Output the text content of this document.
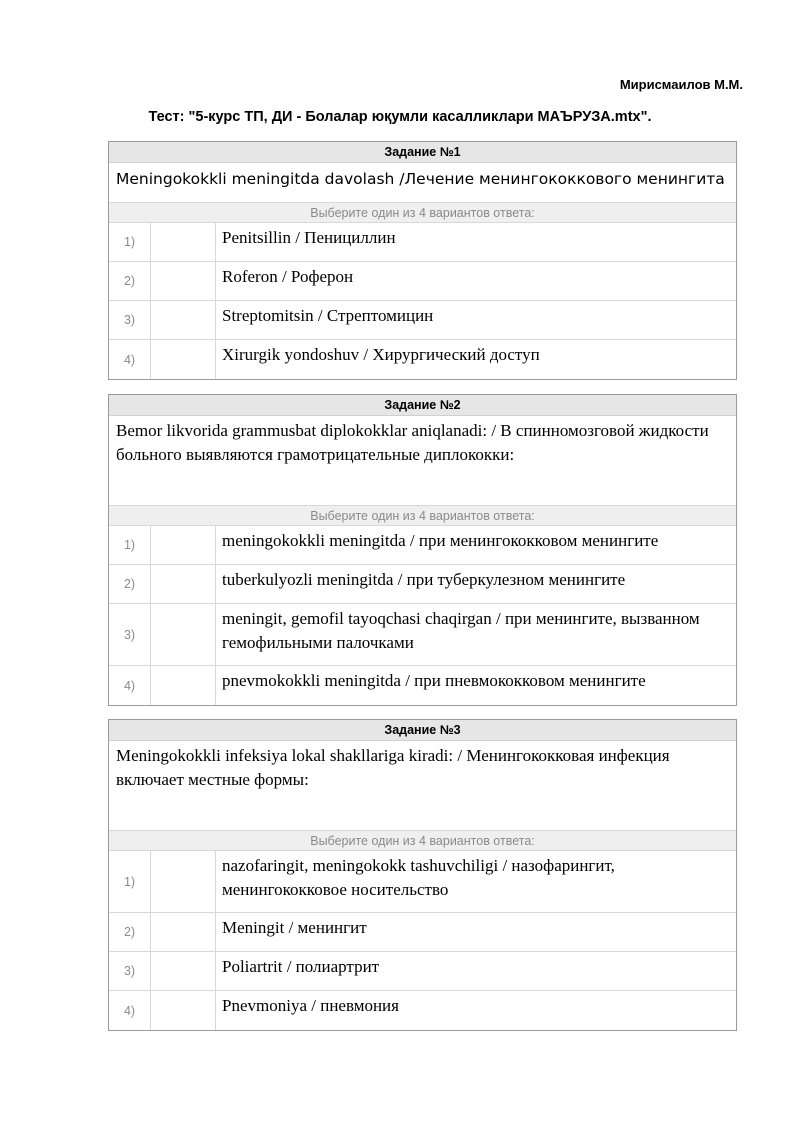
Мирисмаилов М.М.
Тест: "5-курс ТП, ДИ - Болалар юқумли касалликлари МАЪРУЗА.mtx".
Задание №1
Meningokokkli meningitda davolash /Лечение менингококкового менингита
Выберите один из 4 вариантов ответа:
1)	Penitsillin / Пенициллин
2)	Roferon / Роферон
3)	Streptomitsin / Стрептомицин
4)	Xirurgik yondoshuv / Хирургический доступ
Задание №2
Bemor likvorida grammusbat diplokokklar aniqlanadi: / В спинномозговой жидкости больного выявляются грамотрицательные диплококки:
Выберите один из 4 вариантов ответа:
1)	meningokokkli meningitda / при менингококковом менингите
2)	tuberkulyozli meningitda / при туберкулезном менингите
3)
meningit, gemofil tayoqchasi chaqirgan / при менингите, вызванном гемофильными палочками
4)	pnevmokokkli meningitda / при пневмококковом менингите
Задание №3
Meningokokkli infeksiya lokal shakllariga kiradi: / Менингококковая инфекция включает местные формы:
Выберите один из 4 вариантов ответа:
1)
nazofaringit, meningokokk tashuvchiligi / назофарингит, менингококковое носительство
2)	Meningit / менингит
3)	Poliartrit / полиартрит
4)	Pnevmoniya / пневмония
